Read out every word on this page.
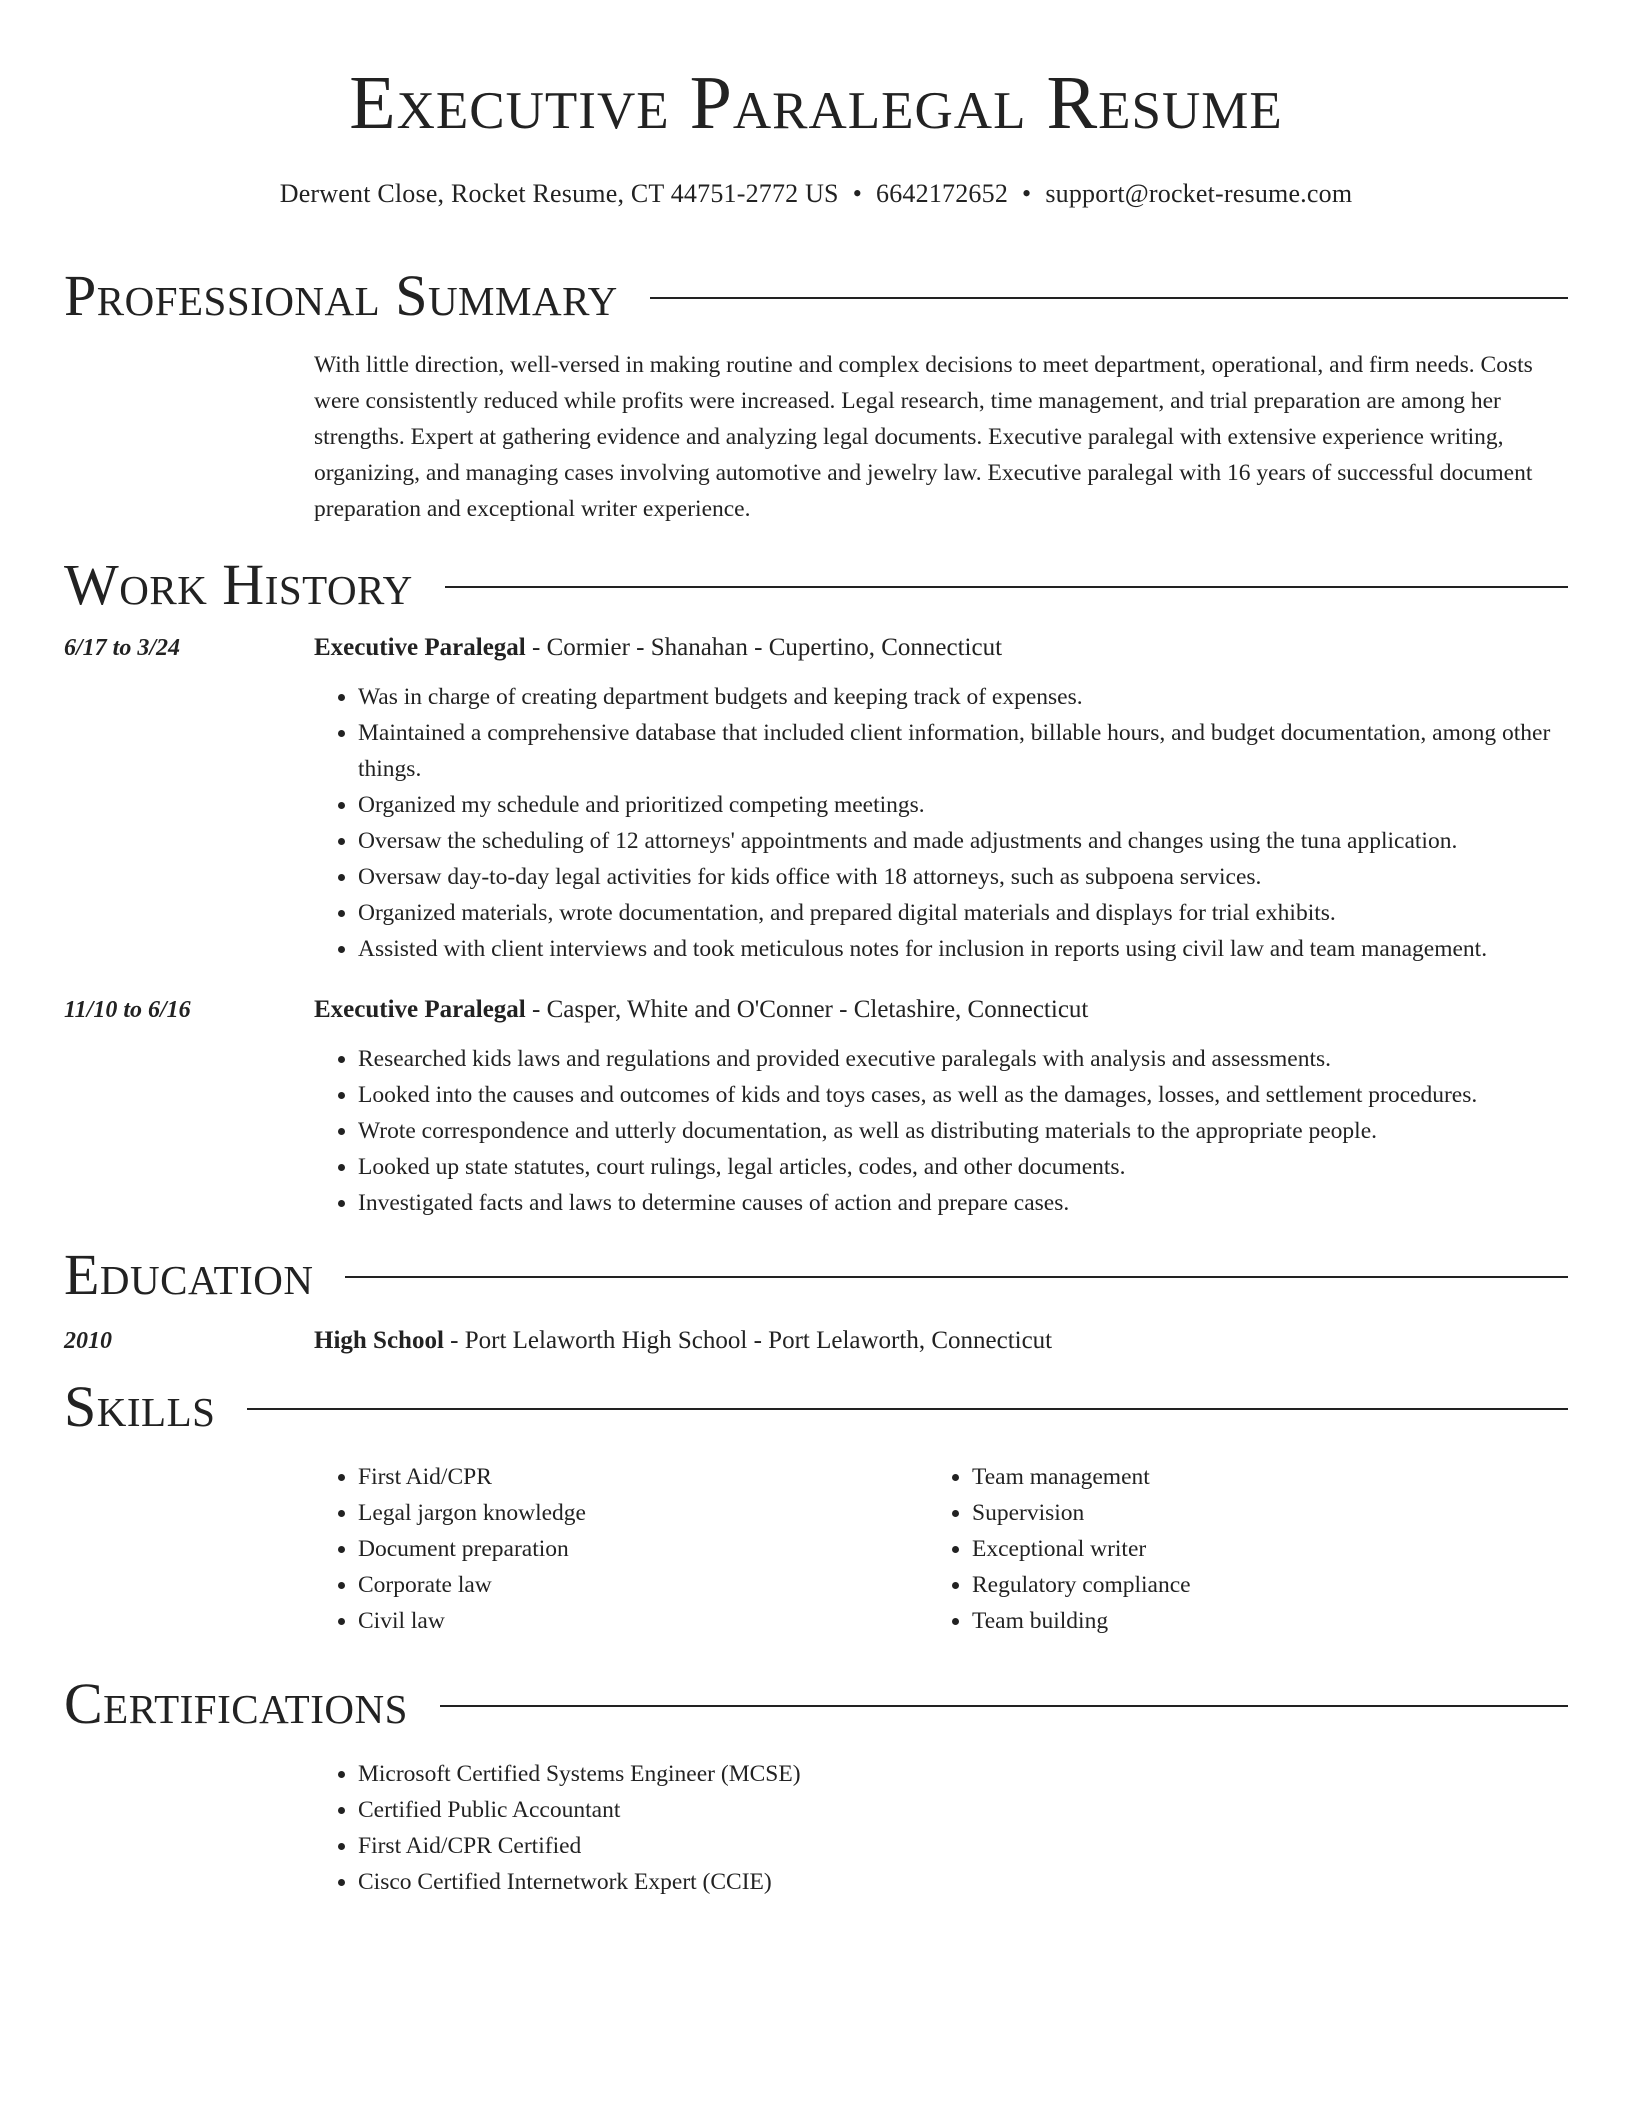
Executive Paralegal Resume
Derwent Close, Rocket Resume, CT 44751-2772 US • 6642172652 • support@rocket-resume.com
Professional Summary
With little direction, well-versed in making routine and complex decisions to meet department, operational, and firm needs. Costs were consistently reduced while profits were increased. Legal research, time management, and trial preparation are among her strengths. Expert at gathering evidence and analyzing legal documents. Executive paralegal with extensive experience writing, organizing, and managing cases involving automotive and jewelry law. Executive paralegal with 16 years of successful document preparation and exceptional writer experience.
Work History
6/17 to 3/24	Executive Paralegal - Cormier - Shanahan - Cupertino, Connecticut
• Was in charge of creating department budgets and keeping track of expenses.
• Maintained a comprehensive database that included client information, billable hours, and budget documentation, among other things.
• Organized my schedule and prioritized competing meetings.
• Oversaw the scheduling of 12 attorneys' appointments and made adjustments and changes using the tuna application.
• Oversaw day-to-day legal activities for kids office with 18 attorneys, such as subpoena services.
• Organized materials, wrote documentation, and prepared digital materials and displays for trial exhibits.
• Assisted with client interviews and took meticulous notes for inclusion in reports using civil law and team management.
11/10 to 6/16	Executive Paralegal - Casper, White and O'Conner - Cletashire, Connecticut
• Researched kids laws and regulations and provided executive paralegals with analysis and assessments.
• Looked into the causes and outcomes of kids and toys cases, as well as the damages, losses, and settlement procedures.
• Wrote correspondence and utterly documentation, as well as distributing materials to the appropriate people.
• Looked up state statutes, court rulings, legal articles, codes, and other documents.
• Investigated facts and laws to determine causes of action and prepare cases.
Education
2010	High School - Port Lelaworth High School - Port Lelaworth, Connecticut
Skills
• First Aid/CPR
• Legal jargon knowledge
• Document preparation
• Corporate law
• Civil law
• Team management
• Supervision
• Exceptional writer
• Regulatory compliance
• Team building
Certifications
• Microsoft Certified Systems Engineer (MCSE)
• Certified Public Accountant
• First Aid/CPR Certified
• Cisco Certified Internetwork Expert (CCIE)
